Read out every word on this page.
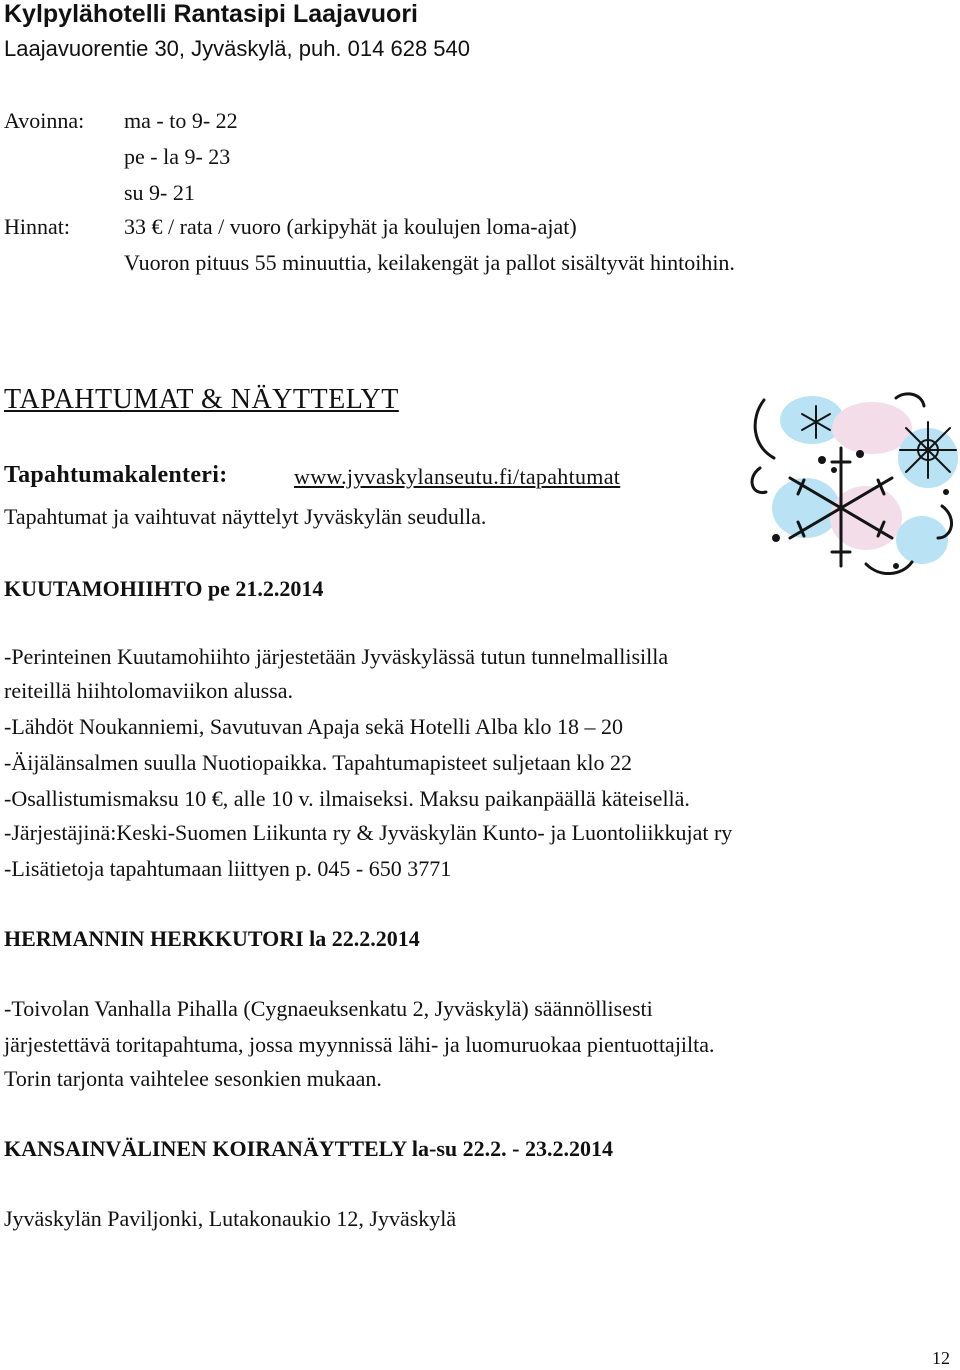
Kylpylähotelli Rantasipi Laajavuori
Laajavuorentie 30, Jyväskylä, puh. 014 628 540
Avoinna: ma - to 9- 22
pe - la 9- 23
su 9- 21
Hinnat: 33 € / rata / vuoro (arkipyhät ja koulujen loma-ajat)
Vuoron pituus 55 minuuttia, keilakengät ja pallot sisältyvät hintoihin.
TAPAHTUMAT & NÄYTTELYT
Tapahtumakalenteri:	www.jyvaskylanseutu.fi/tapahtumat
Tapahtumat ja vaihtuvat näyttelyt Jyväskylän seudulla.
KUUTAMOHIIHTO pe 21.2.2014
-Perinteinen Kuutamohiihto järjestetään Jyväskylässä tutun tunnelmallisilla
reiteillä hiihtolomaviikon alussa.
-Lähdöt Noukanniemi, Savutuvan Apaja sekä Hotelli Alba klo 18 – 20
-Äijälänsalmen suulla Nuotiopaikka. Tapahtumapisteet suljetaan klo 22
-Osallistumismaksu 10 €, alle 10 v. ilmaiseksi. Maksu paikanpäällä käteisellä.
-Järjestäjinä:Keski-Suomen Liikunta ry & Jyväskylän Kunto- ja Luontoliikkujat ry
-Lisätietoja tapahtumaan liittyen p. 045 - 650 3771
HERMANNIN HERKKUTORI la 22.2.2014
-Toivolan Vanhalla Pihalla (Cygnaeuksenkatu 2, Jyväskylä) säännöllisesti
järjestettävä toritapahtuma, jossa myynnissä lähi- ja luomuruokaa pientuottajilta.
Torin tarjonta vaihtelee sesonkien mukaan.
KANSAINVÄLINEN KOIRANÄYTTELY la-su 22.2. - 23.2.2014
Jyväskylän Paviljonki, Lutakonaukio 12, Jyväskylä
12
